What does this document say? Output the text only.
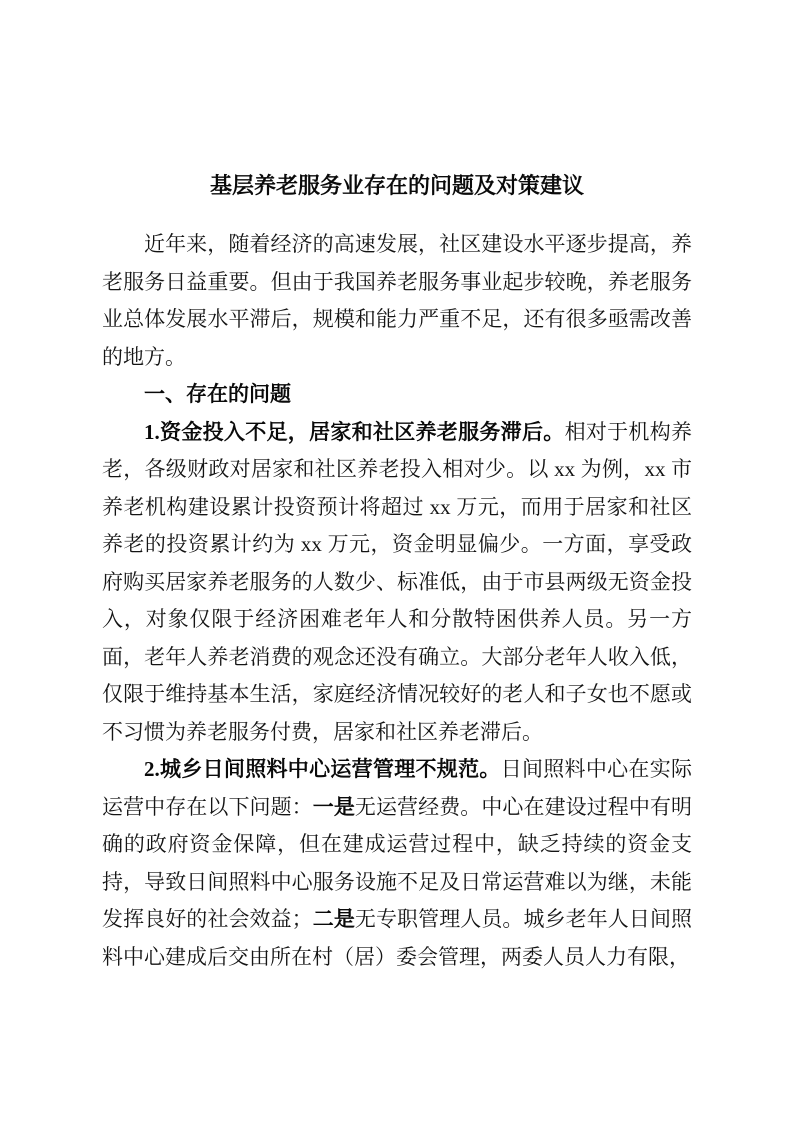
基层养老服务业存在的问题及对策建议

近年来，随着经济的高速发展，社区建设水平逐步提高，养老服务日益重要。但由于我国养老服务事业起步较晚，养老服务业总体发展水平滞后，规模和能力严重不足，还有很多亟需改善的地方。

一、存在的问题

1.资金投入不足，居家和社区养老服务滞后。相对于机构养老，各级财政对居家和社区养老投入相对少。以 xx 为例，xx 市养老机构建设累计投资预计将超过 xx 万元，而用于居家和社区养老的投资累计约为 xx 万元，资金明显偏少。一方面，享受政府购买居家养老服务的人数少、标准低，由于市县两级无资金投入，对象仅限于经济困难老年人和分散特困供养人员。另一方面，老年人养老消费的观念还没有确立。大部分老年人收入低，仅限于维持基本生活，家庭经济情况较好的老人和子女也不愿或不习惯为养老服务付费，居家和社区养老滞后。

2.城乡日间照料中心运营管理不规范。日间照料中心在实际运营中存在以下问题：一是无运营经费。中心在建设过程中有明确的政府资金保障，但在建成运营过程中，缺乏持续的资金支持，导致日间照料中心服务设施不足及日常运营难以为继，未能发挥良好的社会效益；二是无专职管理人员。城乡老年人日间照料中心建成后交由所在村（居）委会管理，两委人员人力有限，
